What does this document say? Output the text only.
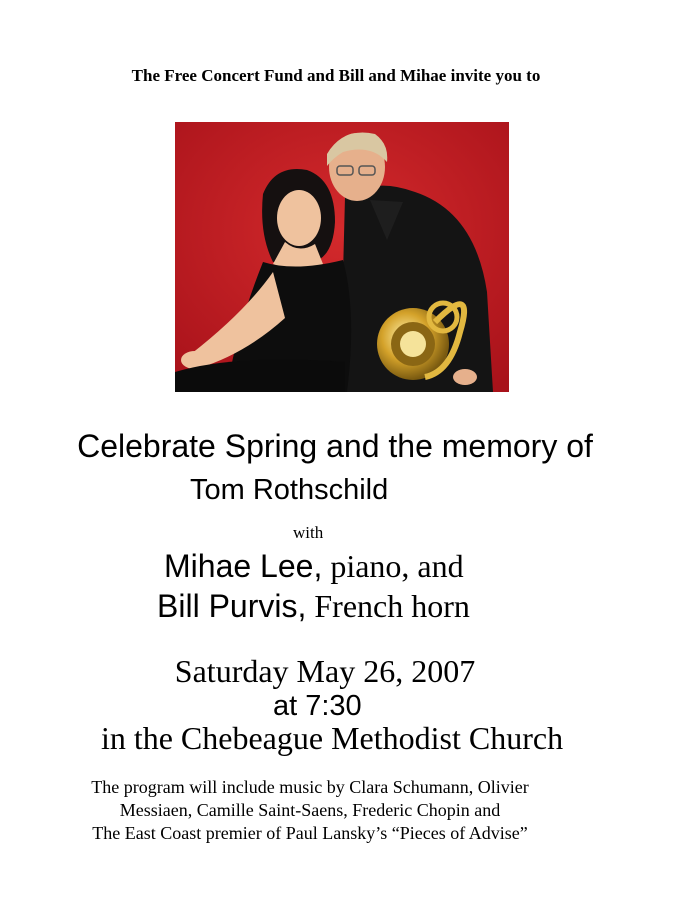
The Free Concert Fund and Bill and Mihae invite you to
Celebrate Spring and the memory of
Tom Rothschild
with
Mihae Lee, piano, and
Bill Purvis, French horn
Saturday May 26, 2007
at 7:30
in the Chebeague Methodist Church
The program will include music by Clara Schumann, Olivier
Messiaen, Camille Saint-Saens, Frederic Chopin and
The East Coast premier of Paul Lansky’s “Pieces of Advise”
